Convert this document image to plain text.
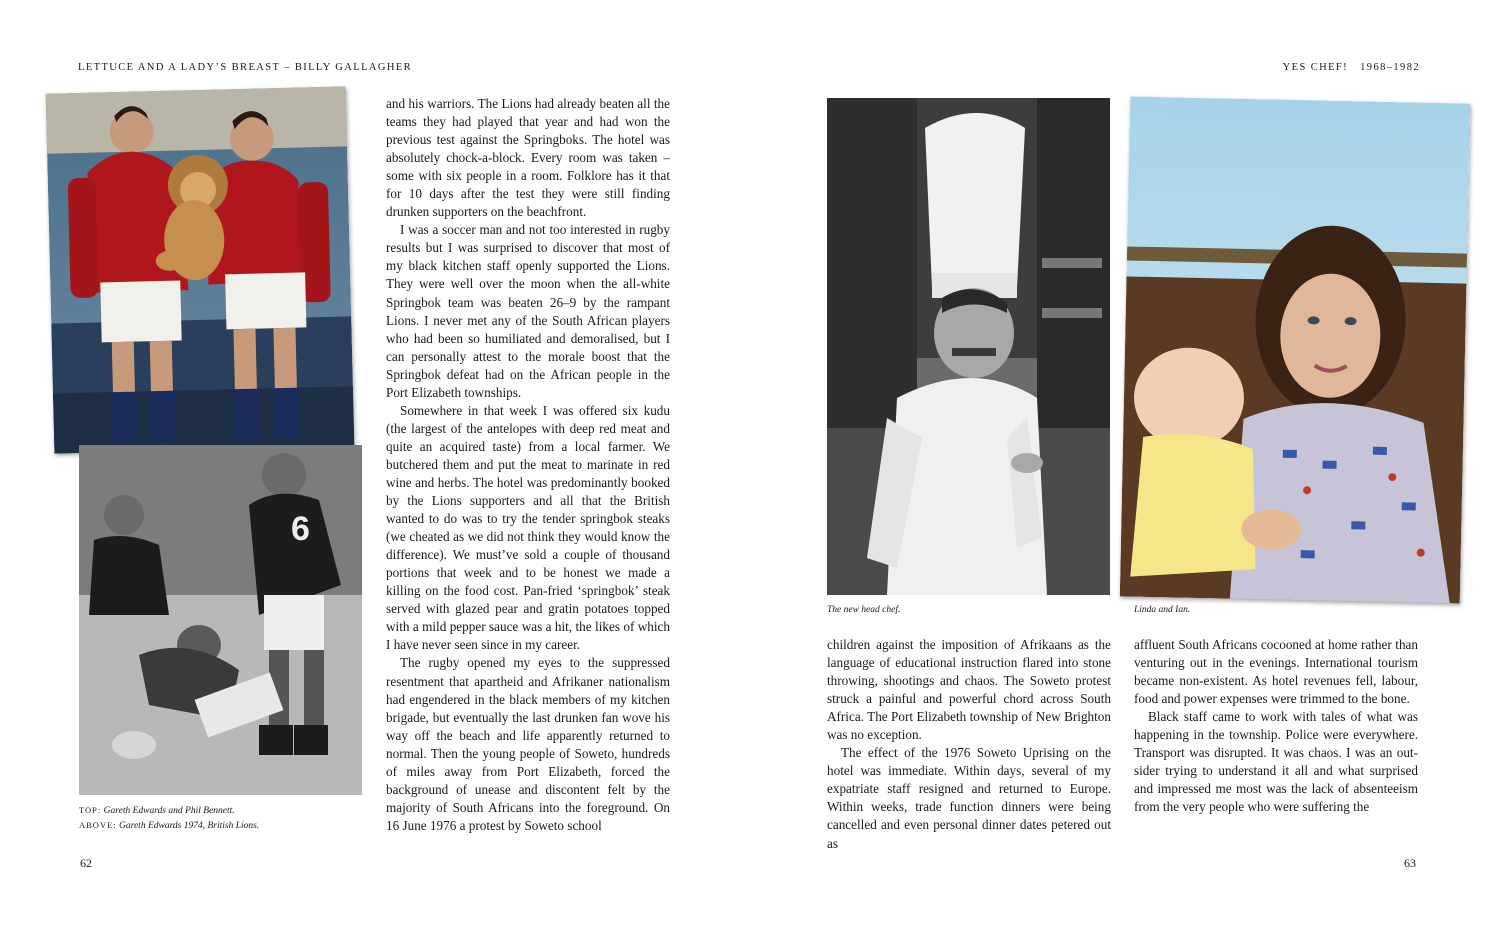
LETTUCE AND A LADY’S BREAST – BILLY GALLAGHER	YES CHEF!   1968–1982
6
TOP: Gareth Edwards and Phil Bennett.
ABOVE: Gareth Edwards 1974, British Lions.

and his warriors. The Lions had already beaten all the teams they had played that year and had won the previous test against the Springboks. The hotel was absolutely chock-a-block. Every room was taken – some with six people in a room. Folklore has it that for 10 days after the test they were still finding drunken supporters on the beachfront.

I was a soccer man and not too interested in rugby results but I was surprised to discover that most of my black kitchen staff openly supported the Lions. They were well over the moon when the all-white Springbok team was beaten 26–9 by the rampant Lions. I never met any of the South African players who had been so humiliated and demoralised, but I can personally attest to the morale boost that the Springbok defeat had on the African people in the Port Elizabeth townships.

Somewhere in that week I was offered six kudu (the largest of the antelopes with deep red meat and quite an acquired taste) from a local farmer. We butchered them and put the meat to marinate in red wine and herbs. The hotel was predominantly booked by the Lions supporters and all that the British wanted to do was to try the tender springbok steaks (we cheated as we did not think they would know the difference). We must’ve sold a couple of thousand portions that week and to be honest we made a killing on the food cost. Pan-fried ‘springbok’ steak served with glazed pear and gratin potatoes topped with a mild pepper sauce was a hit, the likes of which I have never seen since in my career.

The rugby opened my eyes to the suppressed resentment that apartheid and Afrikaner nationalism had engendered in the black members of my kitchen brigade, but eventually the last drunken fan wove his way off the beach and life apparently returned to normal. Then the young people of Soweto, hundreds of miles away from Port Elizabeth, forced the background of unease and discontent felt by the majority of South Africans into the foreground. On 16 June 1976 a protest by Soweto school

The new head chef.	Linda and Ian.

children against the imposition of Afrikaans as the language of educational instruction flared into stone throwing, shootings and chaos. The Soweto protest struck a painful and powerful chord across South Africa. The Port Elizabeth township of New Brighton was no exception.

The effect of the 1976 Soweto Uprising on the hotel was immediate. Within days, several of my expatriate staff resigned and returned to Europe. Within weeks, trade function dinners were being cancelled and even personal dinner dates petered out as

affluent South Africans cocooned at home rather than venturing out in the evenings. International tourism became non-existent. As hotel revenues fell, labour, food and power expenses were trimmed to the bone.

Black staff came to work with tales of what was happening in the township. Police were everywhere. Transport was disrupted. It was chaos. I was an outsider trying to understand it all and what surprised and impressed me most was the lack of absenteeism from the very people who were suffering the

62	63
